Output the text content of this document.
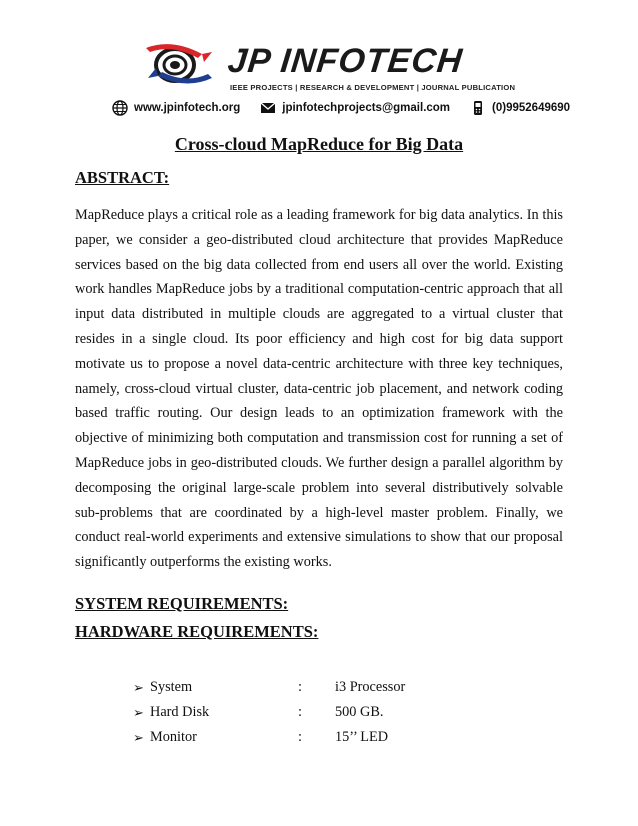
JP INFOTECH
IEEE PROJECTS | RESEARCH & DEVELOPMENT | JOURNAL PUBLICATION
www.jpinfotech.org	jpinfotechprojects@gmail.com	(0)9952649690
Cross-cloud MapReduce for Big Data
ABSTRACT:
MapReduce plays a critical role as a leading framework for big data analytics. In this paper, we consider a geo-distributed cloud architecture that provides MapReduce services based on the big data collected from end users all over the world. Existing work handles MapReduce jobs by a traditional computation-centric approach that all input data distributed in multiple clouds are aggregated to a virtual cluster that resides in a single cloud. Its poor efficiency and high cost for big data support motivate us to propose a novel data-centric architecture with three key techniques, namely, cross-cloud virtual cluster, data-centric job placement, and network coding based traffic routing. Our design leads to an optimization framework with the objective of minimizing both computation and transmission cost for running a set of MapReduce jobs in geo-distributed clouds. We further design a parallel algorithm by decomposing the original large-scale problem into several distributively solvable sub-problems that are coordinated by a high-level master problem. Finally, we conduct real-world experiments and extensive simulations to show that our proposal significantly outperforms the existing works.
SYSTEM REQUIREMENTS:
HARDWARE REQUIREMENTS:
➢ System	:	i3 Processor
➢ Hard Disk	:	500 GB.
➢ Monitor	:	15’’ LED
